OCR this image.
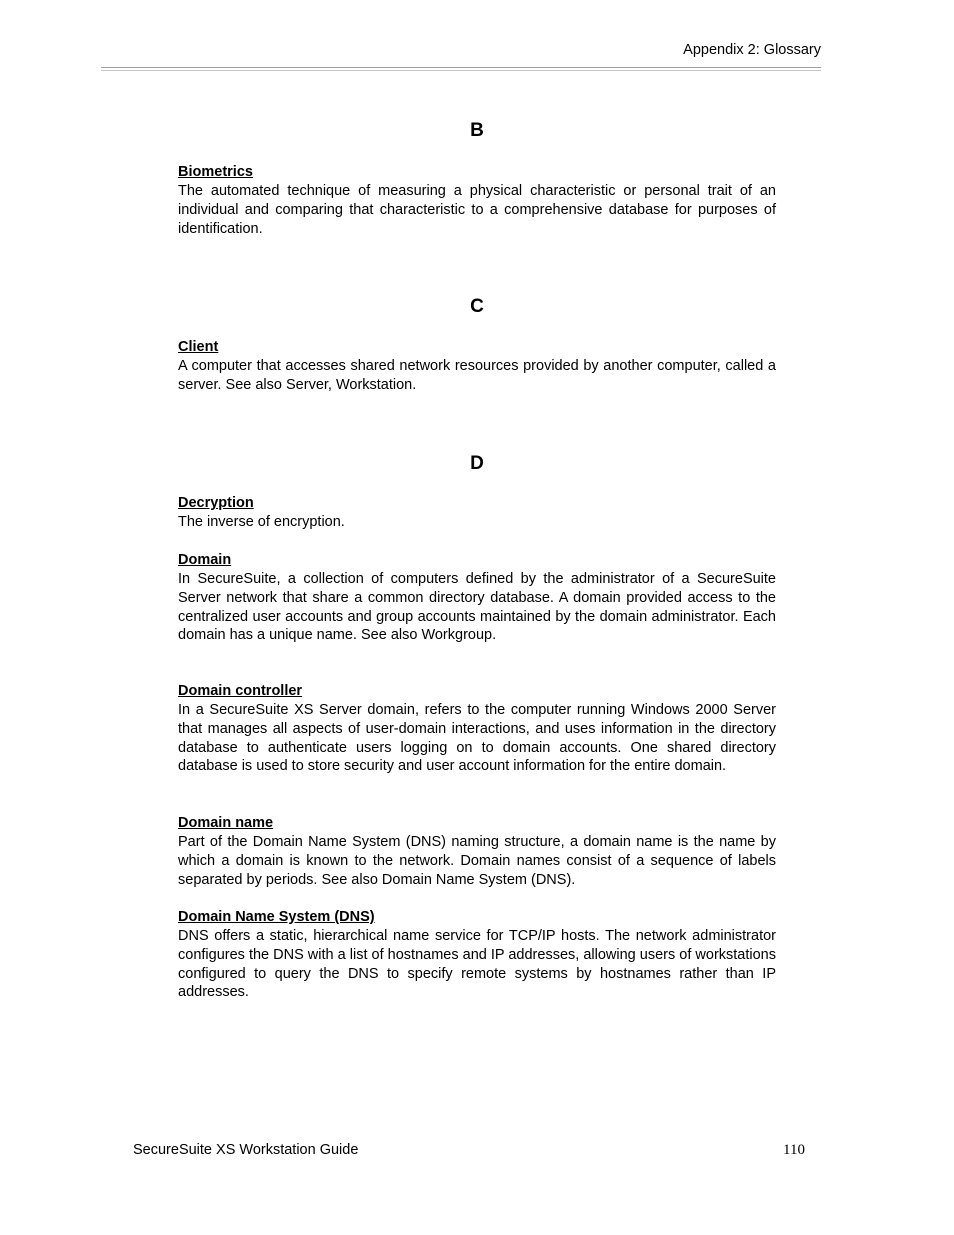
Appendix 2: Glossary
B

Biometrics

The automated technique of measuring a physical characteristic or personal trait of an individual and comparing that characteristic to a comprehensive database for purposes of identification.

C

Client

A computer that accesses shared network resources provided by another computer, called a server. See also Server, Workstation.

D

Decryption

The inverse of encryption.

Domain

In SecureSuite, a collection of computers defined by the administrator of a SecureSuite Server network that share a common directory database. A domain provided access to the centralized user accounts and group accounts maintained by the domain administrator. Each domain has a unique name. See also Workgroup.

Domain controller

In a SecureSuite XS Server domain, refers to the computer running Windows 2000 Server that manages all aspects of user-domain interactions, and uses information in the directory database to authenticate users logging on to domain accounts. One shared directory database is used to store security and user account information for the entire domain.

Domain name

Part of the Domain Name System (DNS) naming structure, a domain name is the name by which a domain is known to the network. Domain names consist of a sequence of labels separated by periods. See also Domain Name System (DNS).

Domain Name System (DNS)

DNS offers a static, hierarchical name service for TCP/IP hosts. The network administrator configures the DNS with a list of hostnames and IP addresses, allowing users of workstations configured to query the DNS to specify remote systems by hostnames rather than IP addresses.

SecureSuite XS Workstation Guide	110
